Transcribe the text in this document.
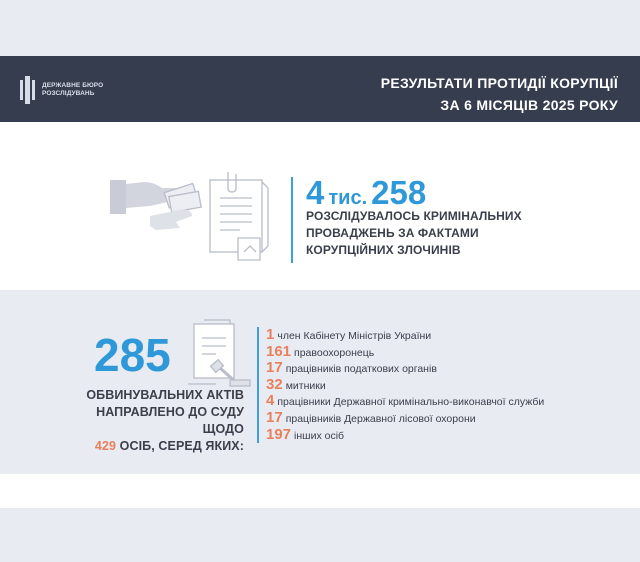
ДЕРЖАВНЕ БЮРО
РОЗСЛІДУВАНЬ
РЕЗУЛЬТАТИ ПРОТИДІЇ КОРУПЦІЇ
ЗА 6 МІСЯЦІВ 2025 РОКУ
4 тис. 258
РОЗСЛІДУВАЛОСЬ КРИМІНАЛЬНИХ
ПРОВАДЖЕНЬ ЗА ФАКТАМИ
КОРУПЦІЙНИХ ЗЛОЧИНІВ
285
ОБВИНУВАЛЬНИХ АКТІВ
НАПРАВЛЕНО ДО СУДУ ЩОДО
429 ОСІБ, СЕРЕД ЯКИХ:
1 член Кабінету Міністрів України
161 правоохоронець
17 працівників податкових органів
32 митники
4 працівники Державної кримінально-виконавчої служби
17 працівників Державної лісової охорони
197 інших осіб
